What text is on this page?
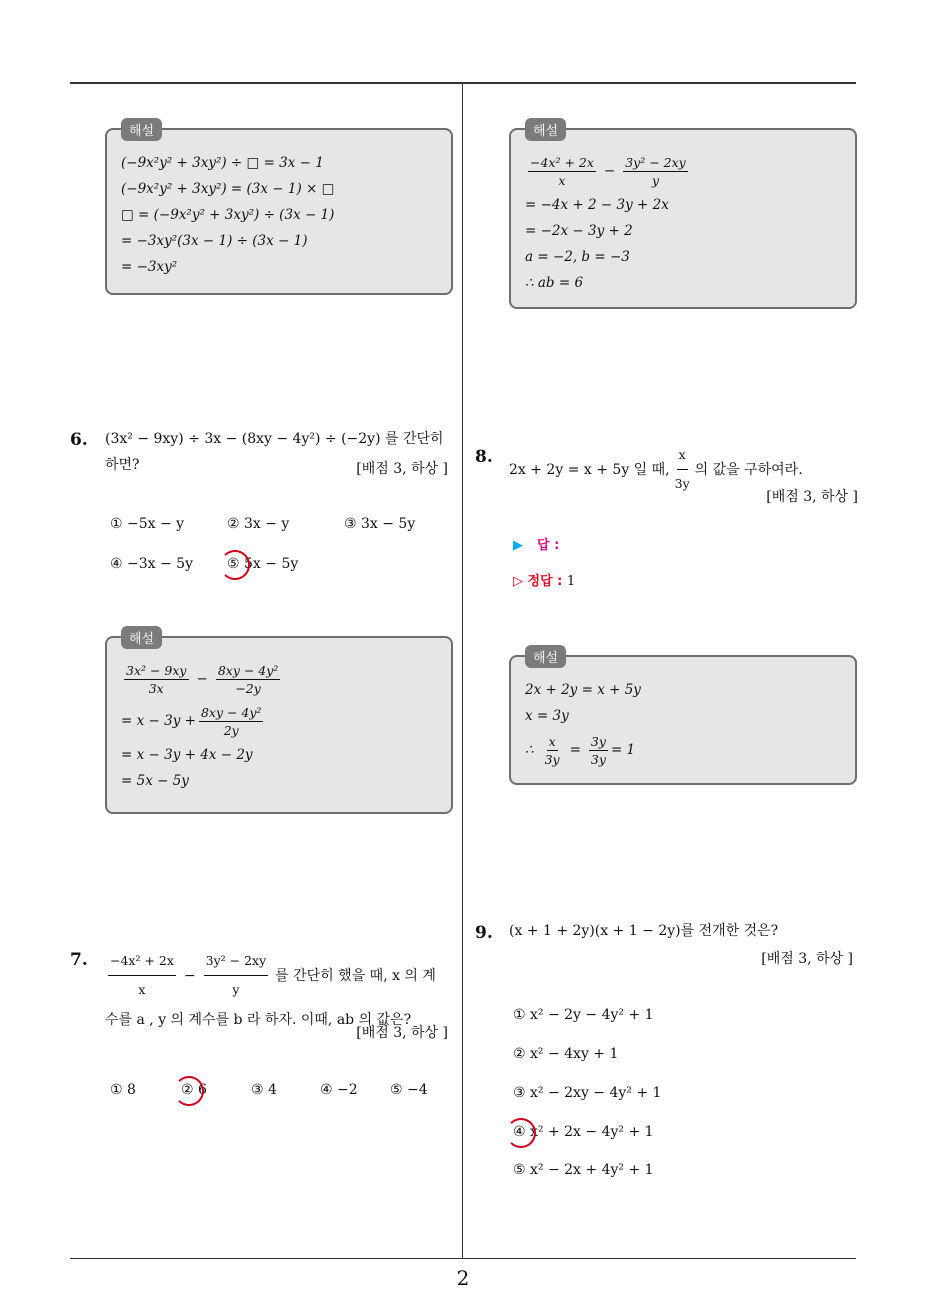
해설
(−9x²y² + 3xy²) ÷ □ = 3x − 1
(−9x²y² + 3xy²) = (3x − 1) × □
□ = (−9x²y² + 3xy²) ÷ (3x − 1)
= −3xy²(3x − 1) ÷ (3x − 1)
= −3xy²
6. (3x² − 9xy) ÷ 3x − (8xy − 4y²) ÷ (−2y) 를 간단히
하면?	[배점 3, 하상 ]
① −5x − y	② 3x − y	③ 3x − 5y
④ −3x − 5y ⑤ 5x − 5y
해설
$\frac{\text{3x² − 9xy}}{3x} - \frac{\text{8xy − 4y²}}{-2y}$
= $x - 3y + \frac{\text{8xy − 4y²}}{2y}$
= x − 3y + 4x − 2y
= 5x − 5y
7. $\frac{\text{−4x² + 2x}}{x} - \frac{\text{3y² − 2xy}}{y}$ 를 간단히 했을 때, x 의 계
수를 a , y 의 계수를 b 라 하자. 이때, ab 의 값은?
[배점 3, 하상 ]
① 8	② 6	③ 4	④ −2 ⑤ −4
해설
$\frac{\text{−4x² + 2x}}{x} - \frac{\text{3y² − 2xy}}{y}$
= −4x + 2 − 3y + 2x
= −2x − 3y + 2
a = −2, b = −3
∴ ab = 6
8.
2x + 2y = x + 5y 일 때, $\frac{x}{3y}$ 의 값을 구하여라.
[배점 3, 하상 ]
▶ 답 :
▷ 정답 : 1
해설
2x + 2y = x + 5y
x = 3y
∴ $\frac{x}{3y} = \frac{3y}{3y} = 1$
9. (x + 1 + 2y)(x + 1 − 2y)를 전개한 것은?
[배점 3, 하상 ]
① x² − 2y − 4y² + 1
② x² − 4xy + 1
③ x² − 2xy − 4y² + 1
④ x² + 2x − 4y² + 1
⑤ x² − 2x + 4y² + 1
2
